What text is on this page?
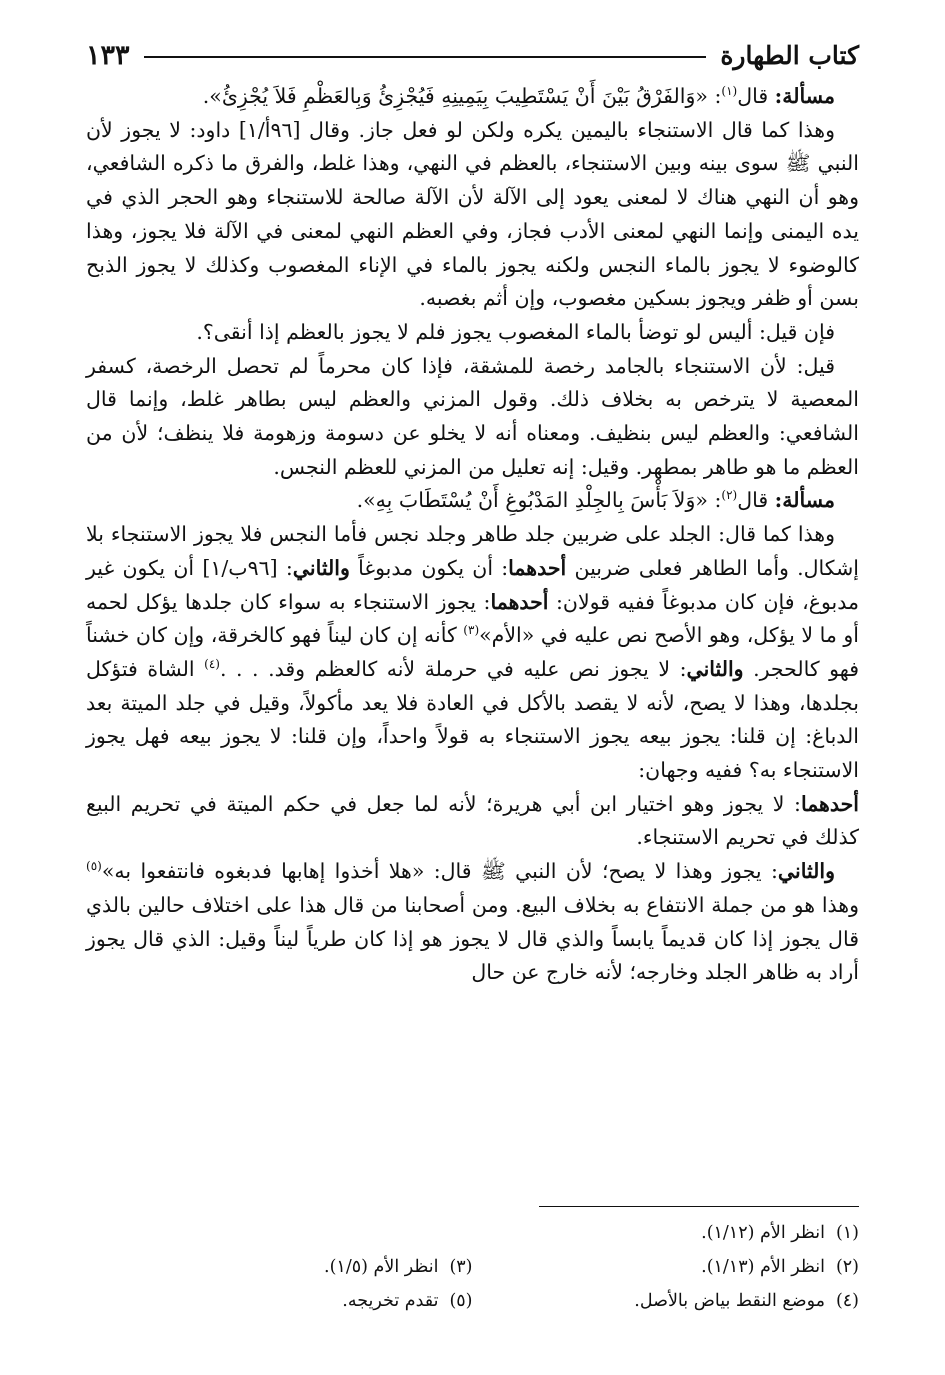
كتاب الطهارة
١٣٣

مسألة: قال$^{(١)}$: «وَالفَرْقُ بَيْنَ أَنْ يَسْتَطِيبَ بِيَمِينِهِ فَيُجْزِئُ وَبِالعَظْمِ فَلاَ يُجْزِئُ».

وهذا كما قال الاستنجاء باليمين يكره ولكن لو فعل جاز. وقال [٩٦أ/١] داود: لا يجوز لأن النبي ﷺ سوى بينه وبين الاستنجاء، بالعظم في النهي، وهذا غلط، والفرق ما ذكره الشافعي، وهو أن النهي هناك لا لمعنى يعود إلى الآلة لأن الآلة صالحة للاستنجاء وهو الحجر الذي في يده اليمنى وإنما النهي لمعنى الأدب فجاز، وفي العظم النهي لمعنى في الآلة فلا يجوز، وهذا كالوضوء لا يجوز بالماء النجس ولكنه يجوز بالماء في الإناء المغصوب وكذلك لا يجوز الذبح بسن أو ظفر ويجوز بسكين مغصوب، وإن أثم بغصبه.

فإن قيل: أليس لو توضأ بالماء المغصوب يجوز فلم لا يجوز بالعظم إذا أنقى؟.

قيل: لأن الاستنجاء بالجامد رخصة للمشقة، فإذا كان محرماً لم تحصل الرخصة، كسفر المعصية لا يترخص به بخلاف ذلك. وقول المزني والعظم ليس بطاهر غلط، وإنما قال الشافعي: والعظم ليس بنظيف. ومعناه أنه لا يخلو عن دسومة وزهومة فلا ينظف؛ لأن من العظم ما هو طاهر بمطهر. وقيل: إنه تعليل من المزني للعظم النجس.

مسألة: قال$^{(٢)}$: «وَلاَ بَأْسَ بِالجِلْدِ المَدْبُوغِ أَنْ يُسْتَطَابَ بِهِ».

وهذا كما قال: الجلد على ضربين جلد طاهر وجلد نجس فأما النجس فلا يجوز الاستنجاء بلا إشكال. وأما الطاهر فعلى ضربين أحدهما: أن يكون مدبوغاً والثاني: [٩٦ب/١] أن يكون غير مدبوغ، فإن كان مدبوغاً ففيه قولان: أحدهما: يجوز الاستنجاء به سواء كان جلدها يؤكل لحمه أو ما لا يؤكل، وهو الأصح نص عليه في «الأم»$^{(٣)}$ كأنه إن كان ليناً فهو كالخرقة، وإن كان خشناً فهو كالحجر. والثاني: لا يجوز نص عليه في حرملة لأنه كالعظم وقد. . . .$^{(٤)}$ الشاة فتؤكل بجلدها، وهذا لا يصح، لأنه لا يقصد بالأكل في العادة فلا يعد مأكولاً، وقيل في جلد الميتة بعد الدباغ: إن قلنا: يجوز بيعه يجوز الاستنجاء به قولاً واحداً، وإن قلنا: لا يجوز بيعه فهل يجوز الاستنجاء به؟ ففيه وجهان:

أحدهما: لا يجوز وهو اختيار ابن أبي هريرة؛ لأنه لما جعل في حكم الميتة في تحريم البيع كذلك في تحريم الاستنجاء.

والثاني: يجوز وهذا لا يصح؛ لأن النبي ﷺ قال: «هلا أخذوا إهابها فدبغوه فانتفعوا به»$^{(٥)}$ وهذا هو من جملة الانتفاع به بخلاف البيع. ومن أصحابنا من قال هذا على اختلاف حالين بالذي قال يجوز إذا كان قديماً يابساً والذي قال لا يجوز هو إذا كان طرياً ليناً وقيل: الذي قال يجوز أراد به ظاهر الجلد وخارجه؛ لأنه خارج عن حال

(١)انظر الأم (١/١٢).
(٢)انظر الأم (١/١٣).
(٣)انظر الأم (١/٥).
(٤)موضع النقط بياض بالأصل.
(٥)تقدم تخريجه.
